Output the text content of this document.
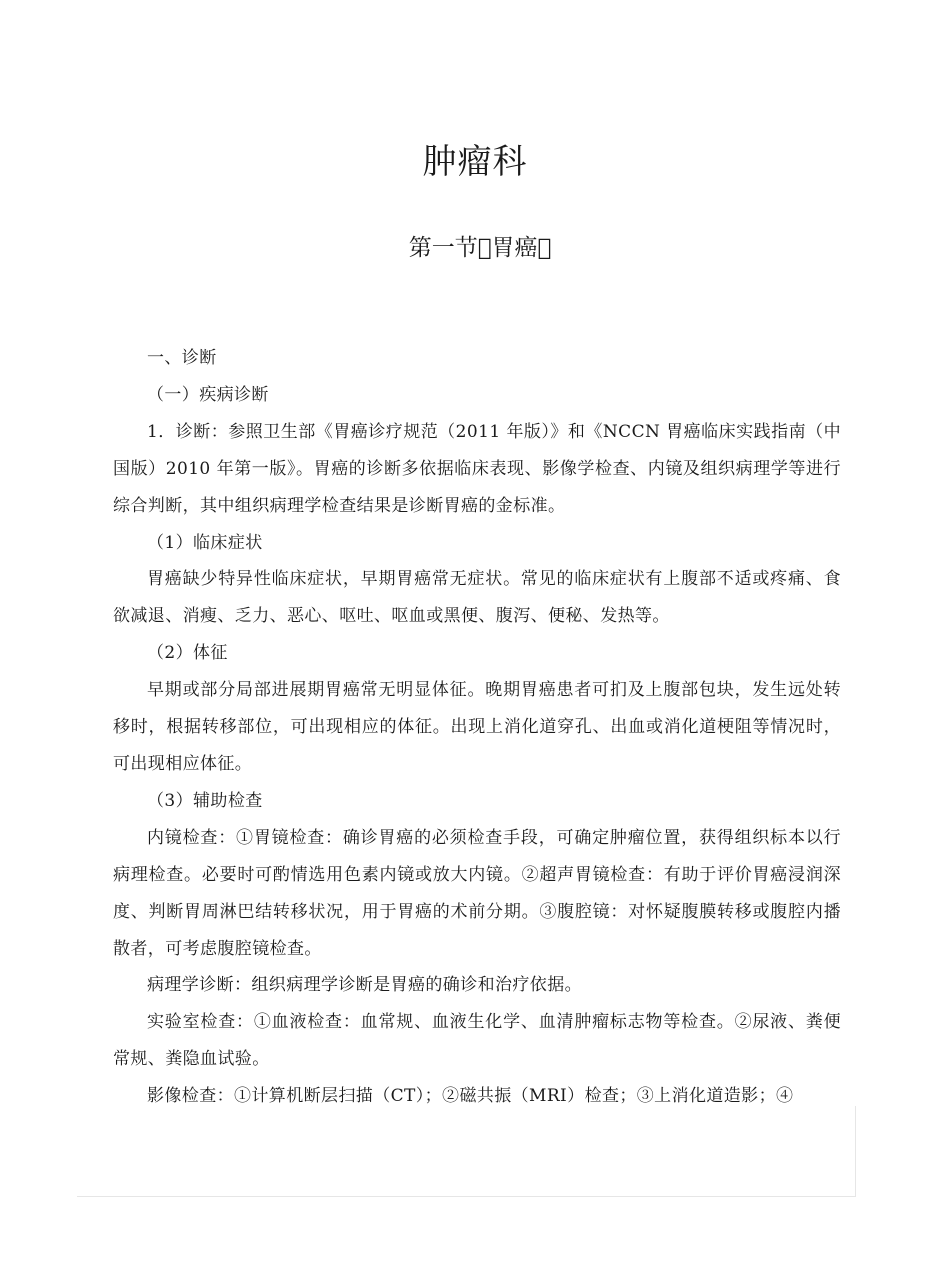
肿瘤科
第一节 胃癌 

一、诊断

（一）疾病诊断

1．诊断：参照卫生部《胃癌诊疗规范（2011 年版）》和《NCCN 胃癌临床实践指南（中国版）2010 年第一版》。胃癌的诊断多依据临床表现、影像学检查、内镜及组织病理学等进行综合判断，其中组织病理学检查结果是诊断胃癌的金标准。

（1）临床症状

胃癌缺少特异性临床症状，早期胃癌常无症状。常见的临床症状有上腹部不适或疼痛、食欲减退、消瘦、乏力、恶心、呕吐、呕血或黑便、腹泻、便秘、发热等。

（2）体征

早期或部分局部进展期胃癌常无明显体征。晚期胃癌患者可扪及上腹部包块，发生远处转移时，根据转移部位，可出现相应的体征。出现上消化道穿孔、出血或消化道梗阻等情况时，可出现相应体征。

（3）辅助检查

内镜检查：①胃镜检查：确诊胃癌的必须检查手段，可确定肿瘤位置，获得组织标本以行病理检查。必要时可酌情选用色素内镜或放大内镜。②超声胃镜检查：有助于评价胃癌浸润深度、判断胃周淋巴结转移状况，用于胃癌的术前分期。③腹腔镜：对怀疑腹膜转移或腹腔内播散者，可考虑腹腔镜检查。

病理学诊断：组织病理学诊断是胃癌的确诊和治疗依据。

实验室检查：①血液检查：血常规、血液生化学、血清肿瘤标志物等检查。②尿液、粪便常规、粪隐血试验。

影像检查：①计算机断层扫描（CT）；②磁共振（MRI）检查；③上消化道造影；④
